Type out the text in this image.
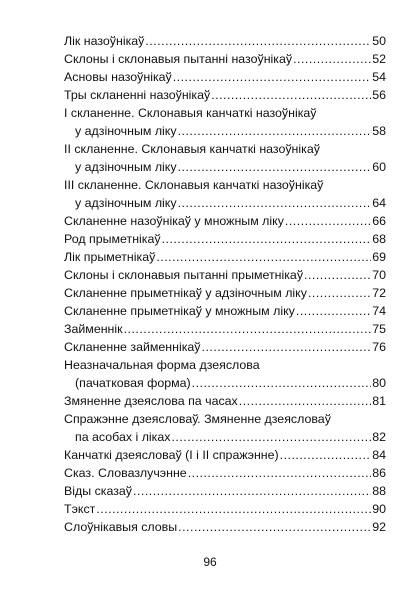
Лік назоўнікаў .....	50
Склоны і склонавыя пытанні назоўнікаў .....	52
Асновы назоўнікаў .....	54
Тры скланенні назоўнікаў .....	56
І скланенне. Склонавыя канчаткі назоўнікаў
у адзіночным ліку .....	58
ІІ скланенне. Склонавыя канчаткі назоўнікаў
у адзіночным ліку .....	60
ІІІ скланенне. Склонавыя канчаткі назоўнікаў
у адзіночным ліку .....	64
Скланенне назоўнікаў у множным ліку .....	66
Род прыметнікаў .....	68
Лік прыметнікаў .....	69
Склоны і склонавыя пытанні прыметнікаў .....	70
Скланенне прыметнікаў у адзіночным ліку .....	72
Скланенне прыметнікаў у множным ліку .....	74
Займеннік .....	75
Скланенне займеннікаў .....	76
Неазначальная форма дзеяслова
(пачатковая форма) .....	80
Змяненне дзеяслова па часах .....	81
Спражэнне дзеясловаў. Змяненне дзеясловаў
па асобах і ліках .....	82
Канчаткі дзеясловаў (І і ІІ спражэнне) .....	84
Сказ. Словазлучэнне .....	86
Віды сказаў .....	88
Тэкст .....	90
Слоўнікавыя словы .....	92
96
